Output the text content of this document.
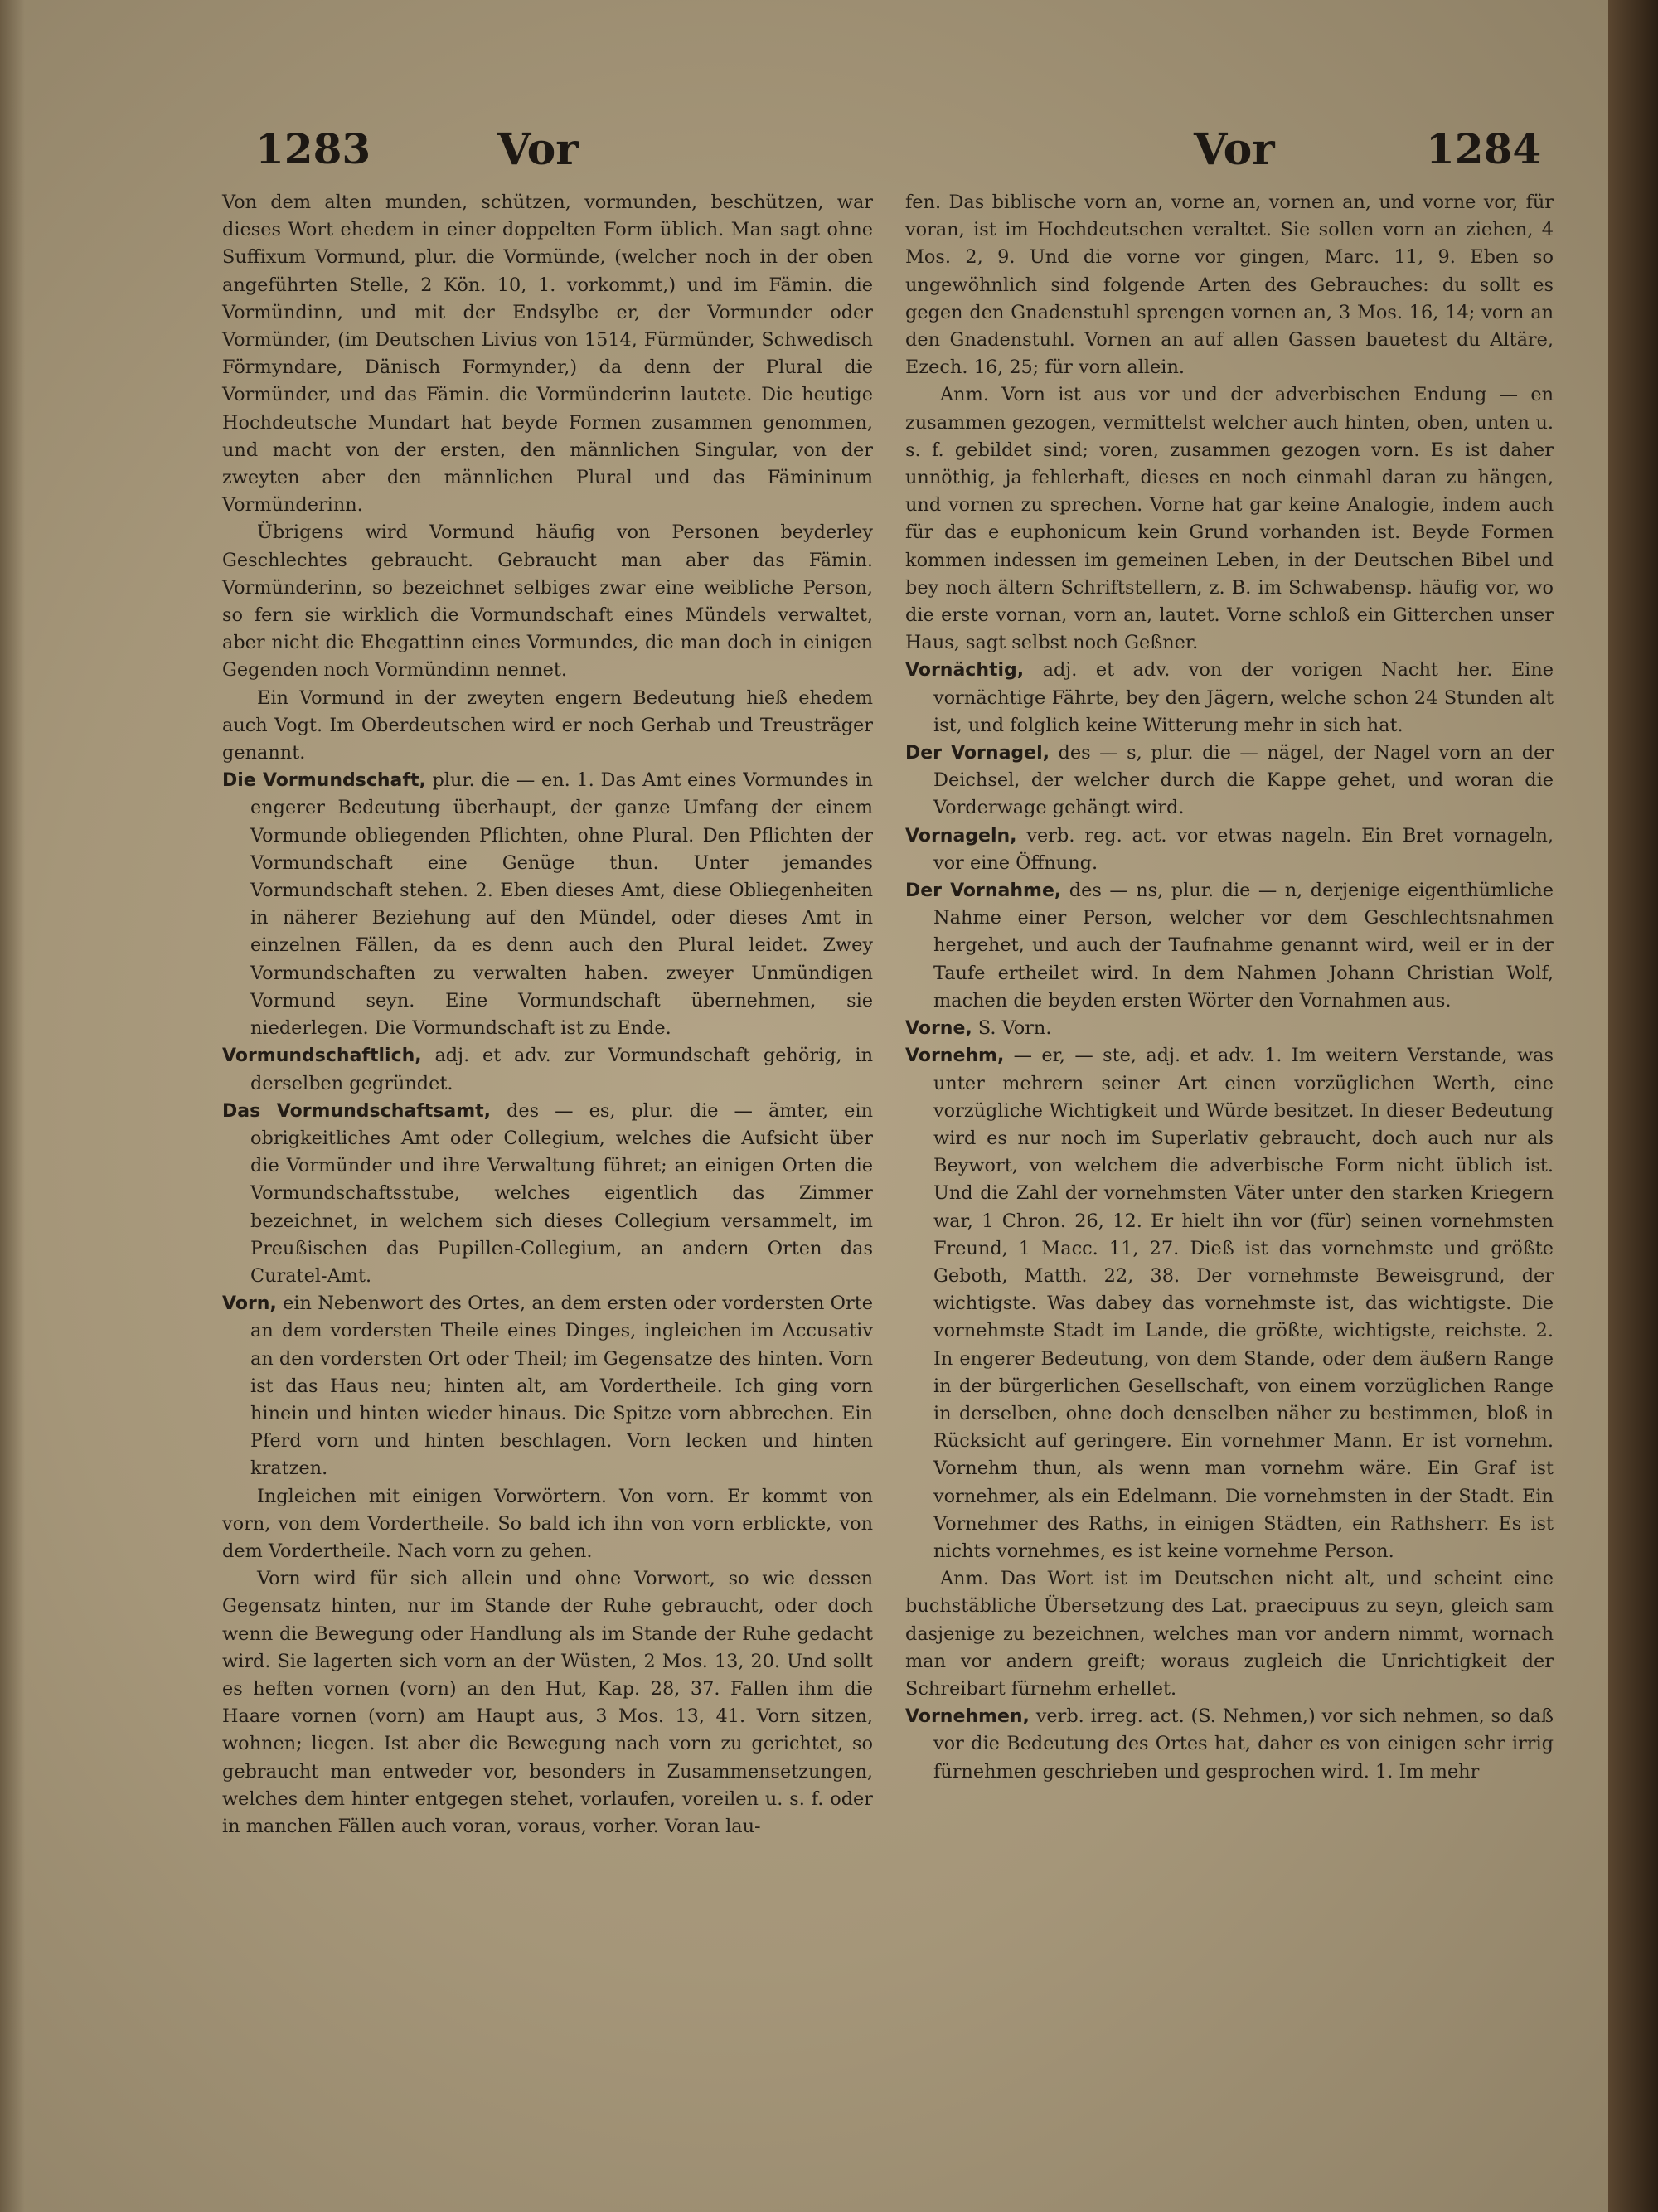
1283	Vor	Vor	1284

Von dem alten munden, schützen, vormunden, beschützen, war dieses Wort ehedem in einer doppelten Form üblich. Man sagt ohne Suffixum Vormund, plur. die Vormünde, (welcher noch in der oben angeführten Stelle, 2 Kön. 10, 1. vorkommt,) und im Fämin. die Vormündinn, und mit der Endsylbe er, der Vormunder oder Vormünder, (im Deutschen Livius von 1514, Fürmünder, Schwedisch Förmyndare, Dänisch Formynder,) da denn der Plural die Vormünder, und das Fämin. die Vormünderinn lautete. Die heutige Hochdeutsche Mundart hat beyde Formen zusammen genommen, und macht von der ersten, den männlichen Singular, von der zweyten aber den männlichen Plural und das Fämininum Vormünderinn.

Übrigens wird Vormund häufig von Personen beyderley Geschlechtes gebraucht. Gebraucht man aber das Fämin. Vormünderinn, so bezeichnet selbiges zwar eine weibliche Person, so fern sie wirklich die Vormundschaft eines Mündels verwaltet, aber nicht die Ehegattinn eines Vormundes, die man doch in einigen Gegenden noch Vormündinn nennet.

Ein Vormund in der zweyten engern Bedeutung hieß ehedem auch Vogt. Im Oberdeutschen wird er noch Gerhab und Treusträger genannt.

Die Vormundschaft, plur. die — en. 1. Das Amt eines Vormundes in engerer Bedeutung überhaupt, der ganze Umfang der einem Vormunde obliegenden Pflichten, ohne Plural. Den Pflichten der Vormundschaft eine Genüge thun. Unter jemandes Vormundschaft stehen. 2. Eben dieses Amt, diese Obliegenheiten in näherer Beziehung auf den Mündel, oder dieses Amt in einzelnen Fällen, da es denn auch den Plural leidet. Zwey Vormundschaften zu verwalten haben. zweyer Unmündigen Vormund seyn. Eine Vormundschaft übernehmen, sie niederlegen. Die Vormundschaft ist zu Ende.

Vormundschaftlich, adj. et adv. zur Vormundschaft gehörig, in derselben gegründet.

Das Vormundschaftsamt, des — es, plur. die — ämter, ein obrigkeitliches Amt oder Collegium, welches die Aufsicht über die Vormünder und ihre Verwaltung führet; an einigen Orten die Vormundschaftsstube, welches eigentlich das Zimmer bezeichnet, in welchem sich dieses Collegium versammelt, im Preußischen das Pupillen-Collegium, an andern Orten das Curatel-Amt.

Vorn, ein Nebenwort des Ortes, an dem ersten oder vordersten Orte an dem vordersten Theile eines Dinges, ingleichen im Accusativ an den vordersten Ort oder Theil; im Gegensatze des hinten. Vorn ist das Haus neu; hinten alt, am Vordertheile. Ich ging vorn hinein und hinten wieder hinaus. Die Spitze vorn abbrechen. Ein Pferd vorn und hinten beschlagen. Vorn lecken und hinten kratzen.

Ingleichen mit einigen Vorwörtern. Von vorn. Er kommt von vorn, von dem Vordertheile. So bald ich ihn von vorn erblickte, von dem Vordertheile. Nach vorn zu gehen.

Vorn wird für sich allein und ohne Vorwort, so wie dessen Gegensatz hinten, nur im Stande der Ruhe gebraucht, oder doch wenn die Bewegung oder Handlung als im Stande der Ruhe gedacht wird. Sie lagerten sich vorn an der Wüsten, 2 Mos. 13, 20. Und sollt es heften vornen (vorn) an den Hut, Kap. 28, 37. Fallen ihm die Haare vornen (vorn) am Haupt aus, 3 Mos. 13, 41. Vorn sitzen, wohnen; liegen. Ist aber die Bewegung nach vorn zu gerichtet, so gebraucht man entweder vor, besonders in Zusammensetzungen, welches dem hinter entgegen stehet, vorlaufen, voreilen u. s. f. oder in manchen Fällen auch voran, voraus, vorher. Voran lau-

fen. Das biblische vorn an, vorne an, vornen an, und vorne vor, für voran, ist im Hochdeutschen veraltet. Sie sollen vorn an ziehen, 4 Mos. 2, 9. Und die vorne vor gingen, Marc. 11, 9. Eben so ungewöhnlich sind folgende Arten des Gebrauches: du sollt es gegen den Gnadenstuhl sprengen vornen an, 3 Mos. 16, 14; vorn an den Gnadenstuhl. Vornen an auf allen Gassen bauetest du Altäre, Ezech. 16, 25; für vorn allein.

Anm. Vorn ist aus vor und der adverbischen Endung — en zusammen gezogen, vermittelst welcher auch hinten, oben, unten u. s. f. gebildet sind; voren, zusammen gezogen vorn. Es ist daher unnöthig, ja fehlerhaft, dieses en noch einmahl daran zu hängen, und vornen zu sprechen. Vorne hat gar keine Analogie, indem auch für das e euphonicum kein Grund vorhanden ist. Beyde Formen kommen indessen im gemeinen Leben, in der Deutschen Bibel und bey noch ältern Schriftstellern, z. B. im Schwabensp. häufig vor, wo die erste vornan, vorn an, lautet. Vorne schloß ein Gitterchen unser Haus, sagt selbst noch Geßner.

Vornächtig, adj. et adv. von der vorigen Nacht her. Eine vornächtige Fährte, bey den Jägern, welche schon 24 Stunden alt ist, und folglich keine Witterung mehr in sich hat.

Der Vornagel, des — s, plur. die — nägel, der Nagel vorn an der Deichsel, der welcher durch die Kappe gehet, und woran die Vorderwage gehängt wird.

Vornageln, verb. reg. act. vor etwas nageln. Ein Bret vornageln, vor eine Öffnung.

Der Vornahme, des — ns, plur. die — n, derjenige eigenthümliche Nahme einer Person, welcher vor dem Geschlechtsnahmen hergehet, und auch der Taufnahme genannt wird, weil er in der Taufe ertheilet wird. In dem Nahmen Johann Christian Wolf, machen die beyden ersten Wörter den Vornahmen aus.

Vorne, S. Vorn.

Vornehm, — er, — ste, adj. et adv. 1. Im weitern Verstande, was unter mehrern seiner Art einen vorzüglichen Werth, eine vorzügliche Wichtigkeit und Würde besitzet. In dieser Bedeutung wird es nur noch im Superlativ gebraucht, doch auch nur als Beywort, von welchem die adverbische Form nicht üblich ist. Und die Zahl der vornehmsten Väter unter den starken Kriegern war, 1 Chron. 26, 12. Er hielt ihn vor (für) seinen vornehmsten Freund, 1 Macc. 11, 27. Dieß ist das vornehmste und größte Geboth, Matth. 22, 38. Der vornehmste Beweisgrund, der wichtigste. Was dabey das vornehmste ist, das wichtigste. Die vornehmste Stadt im Lande, die größte, wichtigste, reichste. 2. In engerer Bedeutung, von dem Stande, oder dem äußern Range in der bürgerlichen Gesellschaft, von einem vorzüglichen Range in derselben, ohne doch denselben näher zu bestimmen, bloß in Rücksicht auf geringere. Ein vornehmer Mann. Er ist vornehm. Vornehm thun, als wenn man vornehm wäre. Ein Graf ist vornehmer, als ein Edelmann. Die vornehmsten in der Stadt. Ein Vornehmer des Raths, in einigen Städten, ein Rathsherr. Es ist nichts vornehmes, es ist keine vornehme Person.

Anm. Das Wort ist im Deutschen nicht alt, und scheint eine buchstäbliche Übersetzung des Lat. praecipuus zu seyn, gleich sam dasjenige zu bezeichnen, welches man vor andern nimmt, wornach man vor andern greift; woraus zugleich die Unrichtigkeit der Schreibart fürnehm erhellet.

Vornehmen, verb. irreg. act. (S. Nehmen,) vor sich nehmen, so daß vor die Bedeutung des Ortes hat, daher es von einigen sehr irrig fürnehmen geschrieben und gesprochen wird. 1. Im mehr
